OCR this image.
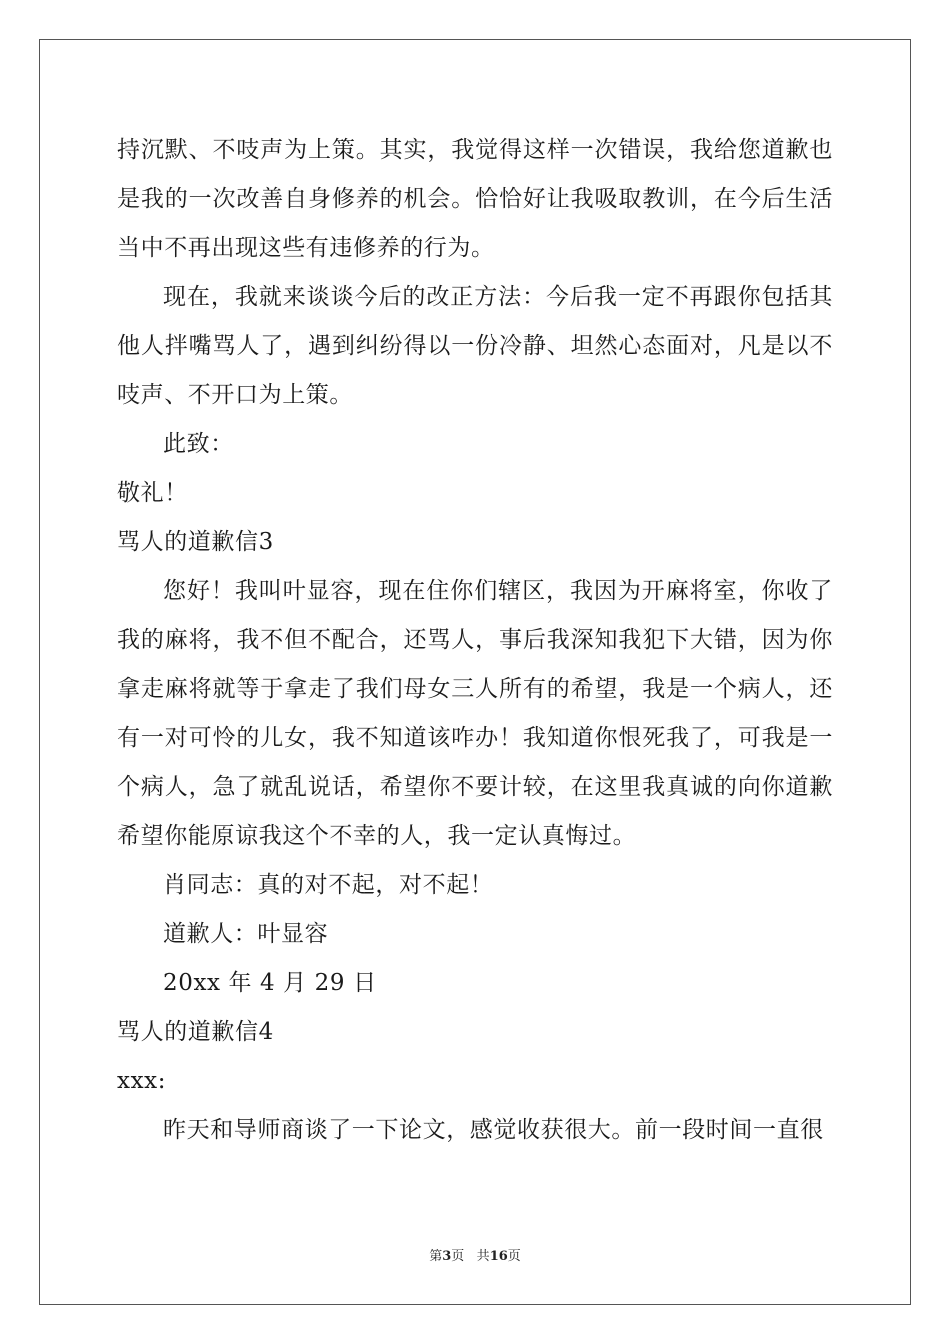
持沉默、不吱声为上策。其实，我觉得这样一次错误，我给您道歉也是我的一次改善自身修养的机会。恰恰好让我吸取教训，在今后生活当中不再出现这些有违修养的行为。

现在，我就来谈谈今后的改正方法：今后我一定不再跟你包括其他人拌嘴骂人了，遇到纠纷得以一份冷静、坦然心态面对，凡是以不吱声、不开口为上策。

此致：

敬礼！

骂人的道歉信3

您好！我叫叶显容，现在住你们辖区，我因为开麻将室，你收了我的麻将，我不但不配合，还骂人，事后我深知我犯下大错，因为你拿走麻将就等于拿走了我们母女三人所有的希望，我是一个病人，还有一对可怜的儿女，我不知道该咋办！我知道你恨死我了，可我是一个病人，急了就乱说话，希望你不要计较，在这里我真诚的向你道歉希望你能原谅我这个不幸的人，我一定认真悔过。

肖同志：真的对不起，对不起！

道歉人：叶显容

20xx 年 4 月 29 日

骂人的道歉信4

xxx:

昨天和导师商谈了一下论文，感觉收获很大。前一段时间一直很

第3页 共16页
